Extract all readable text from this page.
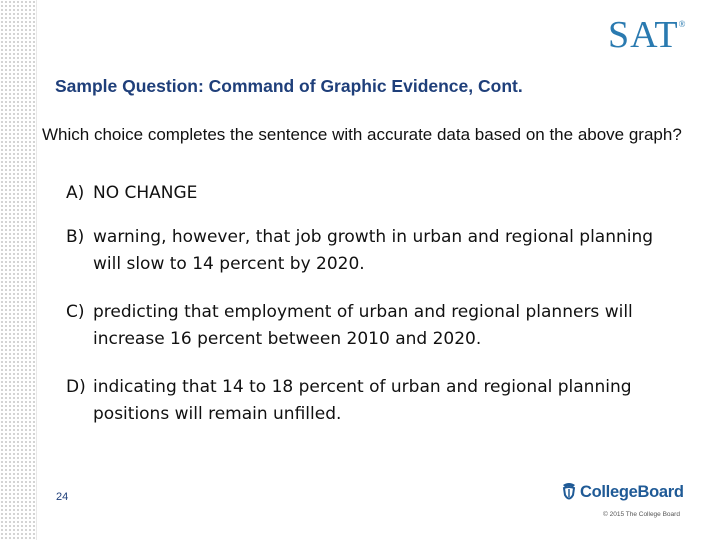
SAT®
Sample Question: Command of Graphic Evidence, Cont.
Which choice completes the sentence with accurate data based on the above graph?
A) NO CHANGE
B) warning, however, that job growth in urban and regional planning will slow to 14 percent by 2020.
C) predicting that employment of urban and regional planners will increase 16 percent between 2010 and 2020.
D) indicating that 14 to 18 percent of urban and regional planning positions will remain unfilled.
24	CollegeBoard
© 2015 The College Board
